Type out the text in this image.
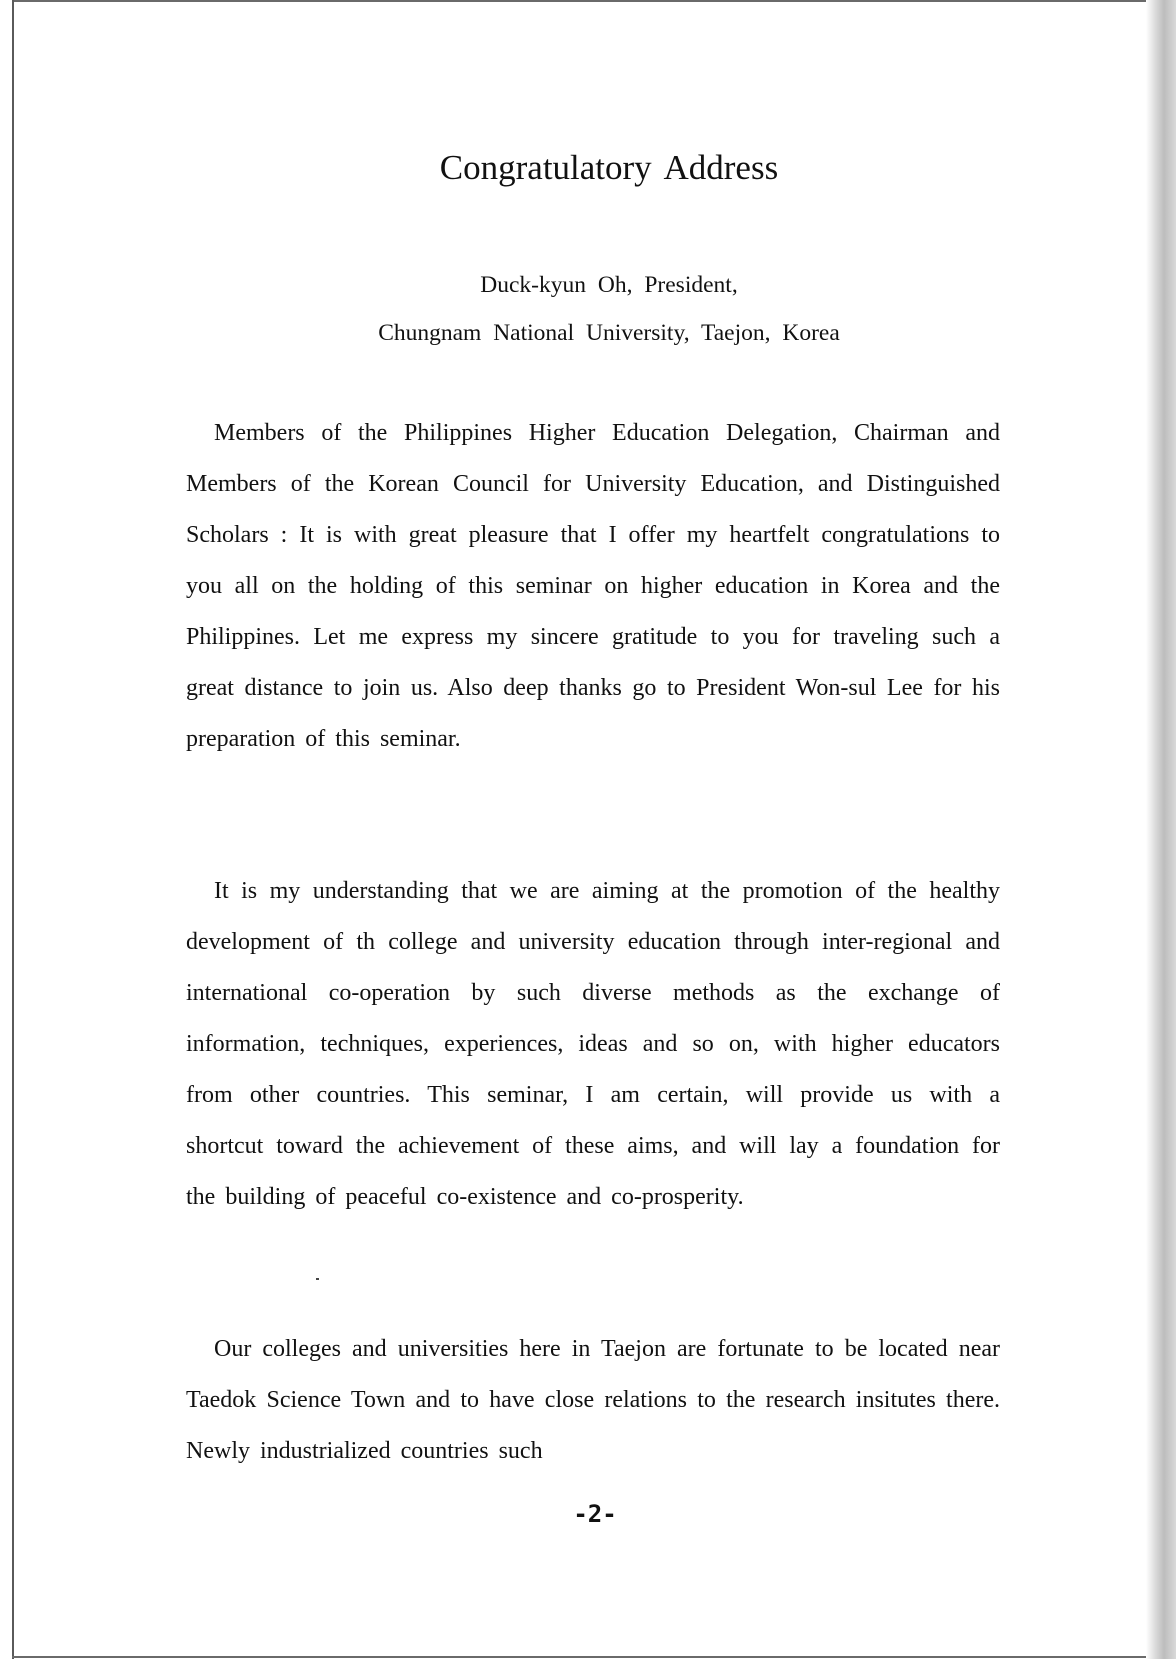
Congratulatory Address

Duck-kyun Oh, President,

Chungnam National University, Taejon, Korea

Members of the Philippines Higher Education Delegation, Chairman and Members of the Korean Council for University Education, and Distinguished Scholars : It is with great pleasure that I offer my heartfelt congratulations to you all on the holding of this seminar on higher education in Korea and the Philippines. Let me express my sincere gratitude to you for traveling such a great distance to join us. Also deep thanks go to President Won-sul Lee for his preparation of this seminar.

It is my understanding that we are aiming at the promotion of the healthy development of th college and university education through inter-regional and international co-operation by such diverse methods as the exchange of information, techniques, experiences, ideas and so on, with higher educators from other countries. This seminar, I am certain, will provide us with a shortcut toward the achievement of these aims, and will lay a foundation for the building of peaceful co-existence and co-prosperity.

Our colleges and universities here in Taejon are fortunate to be located near Taedok Science Town and to have close relations to the research insitutes there. Newly industrialized countries such

-2-
